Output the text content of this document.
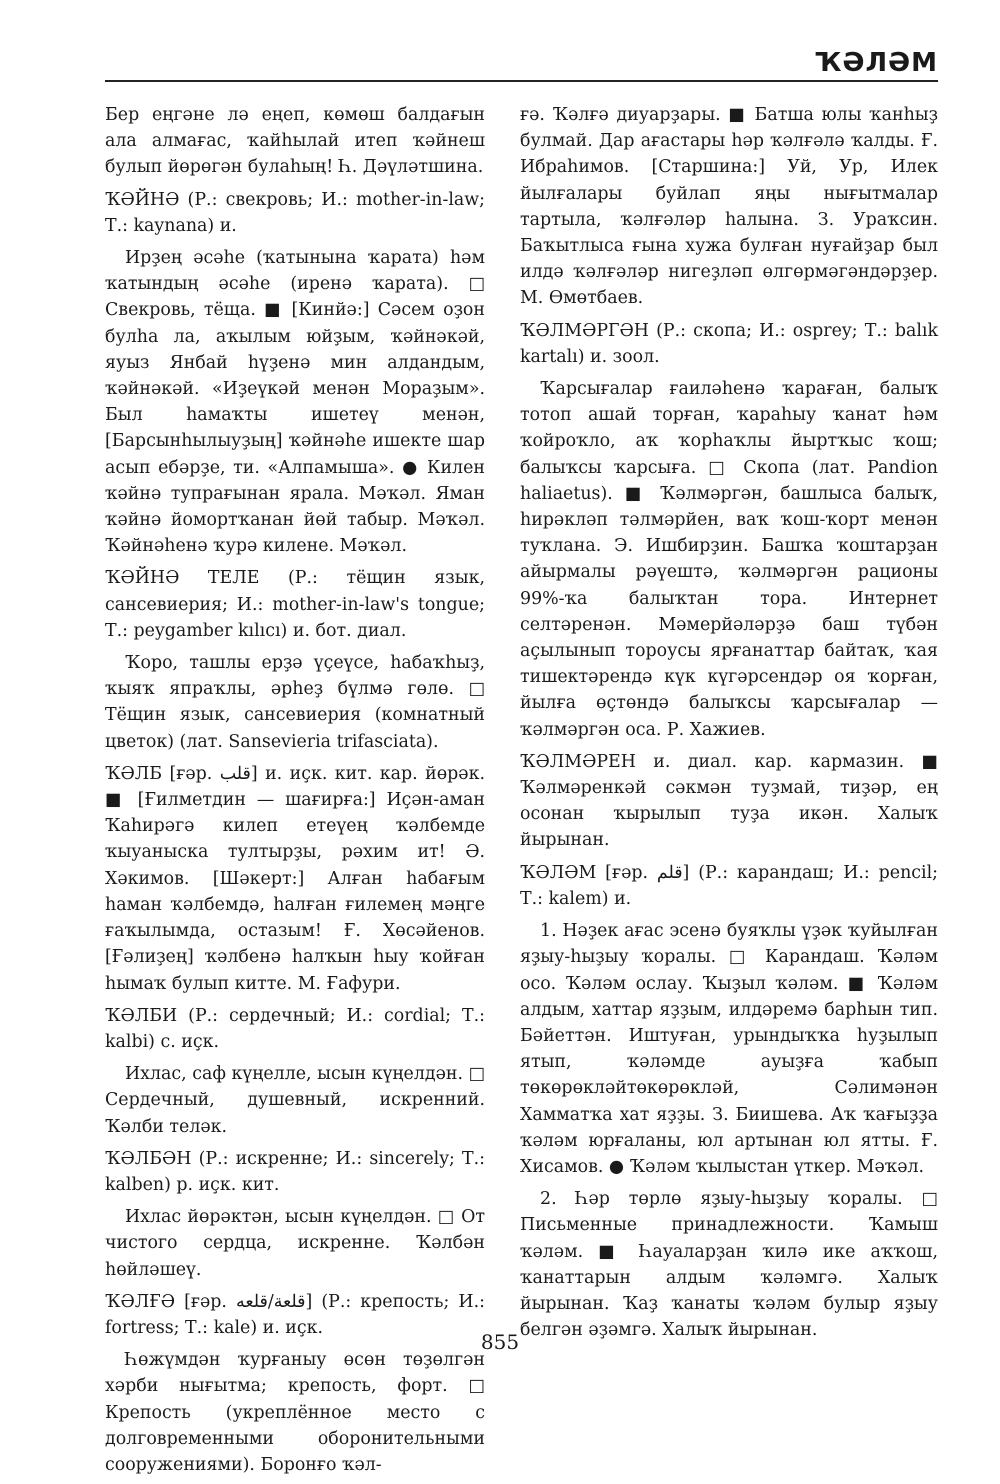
ҠӘЛӘМ

Бер еңгәне лә еңеп, көмөш балдағын ала алмағас, ҡайһылай итеп ҡәйнеш булып йөрөгән булаһың! Һ. Дәүләтшина.

ҠӘЙНӘ (Р.: свекровь; И.: mother-in-law; Т.: kaynana) и.

Ирҙең әсәһе (ҡатынына ҡарата) һәм ҡатындың әсәһе (иренә ҡарата). □ Свекровь, тёща. ■ [Кинйә:] Сәсем оҙон булһа ла, аҡылым юйҙым, ҡәйнәкәй, яуыз Янбай һүҙенә мин алдандым, ҡәйнәкәй. «Иҙеүкәй менән Мораҙым». Был һамаҡты ишетеү менән, [Барсынһылыуҙың] ҡәйнәһе ишекте шар асып ебәрҙе, ти. «Алпамыша». ● Килен ҡәйнә тупрағынан ярала. Мәҡәл. Яман ҡәйнә йомортҡанан йөй табыр. Мәҡәл. Ҡәйнәһенә ҡурә килене. Мәҡәл.

ҠӘЙНӘ ТЕЛЕ (Р.: тёщин язык, сансевиерия; И.: mother-in-law's tongue; Т.: peygamber kılıcı) и. бот. диал.

Ҡоро, ташлы ерҙә үҫеүсе, һабаҡһыҙ, ҡыяҡ япраҡлы, әрһеҙ бүлмә гөлө. □ Тёщин язык, сансевиерия (комнатный цветок) (лат. Sansevieria trifasciata).

ҠӘЛБ [ғәр. قلب] и. иҫк. кит. кар. йөрәк. ■ [Ғилметдин — шағирға:] Иҫән-аман Ҡаһирәгә килеп етеүең ҡәлбемде ҡыуаныска тултырҙы, рәхим ит! Ә. Хәкимов. [Шәкерт:] Алған һабағым һаман ҡәлбемдә, һалған ғилемең мәңге ғаҡылымда, остазым! Ғ. Хөсәйенов. [Ғәлиҙең] ҡәлбенә һалҡын һыу ҡойған һымаҡ булып китте. М. Ғафури.

ҠӘЛБИ (Р.: сердечный; И.: cordial; Т.: kalbi) с. иҫк.

Ихлас, саф күңелле, ысын күңелдән. □ Сердечный, душевный, искренний. Ҡәлби теләк.

ҠӘЛБӘН (Р.: искренне; И.: sincerely; Т.: kalben) р. иҫк. кит.

Ихлас йөрәктән, ысын күңелдән. □ От чистого сердца, искренне. Ҡәлбән һөйләшеү.

ҠӘЛҒӘ [ғәр. قلعة/قلعه] (Р.: крепость; И.: fortress; Т.: kale) и. иҫк.

Һөжүмдән ҡурғаныу өсөн төҙөлгән хәрби нығытма; крепость, форт. □ Крепость (укреплённое место с долговременными оборонительными сооружениями). Боронғо ҡәл-

ғә. Ҡәлғә диуарҙары. ■ Батша юлы ҡанһыҙ булмай. Дар ағастары һәр ҡәлғәлә ҡалды. Ғ. Ибраһимов. [Старшина:] Уй, Ур, Илек йылғалары буйлап яңы нығытмалар тартыла, ҡәлғәләр һалына. З. Ураҡсин. Баҡытлыса ғына хужа булған нуғайҙар был илдә ҡәлғәләр нигеҙләп өлгөрмәгәндәрҙер. М. Өмөтбаев.

ҠӘЛМӘРГӘН (Р.: скопа; И.: osprey; Т.: balık kartalı) и. зоол.

Ҡарсығалар ғаиләһенә ҡараған, балыҡ тотоп ашай торған, ҡараһыу ҡанат һәм ҡойроҡло, аҡ ҡорһаҡлы йыртҡыс ҡош; балыҡсы ҡарсыға. □ Скопа (лат. Pandion haliaetus). ■ Ҡәлмәргән, башлыса балыҡ, һирәкләп тәлмәрйен, ваҡ ҡош-ҡорт менән туҡлана. Э. Ишбирҙин. Башҡа ҡоштарҙан айырмалы рәүештә, ҡәлмәргән рационы 99%-ҡа балыҡтан тора. Интернет селтәренән. Мәмерйәләрҙә баш түбән аҫылынып тороусы ярғанаттар байтаҡ, ҡая тишектәрендә күк күгәрсендәр оя ҡорған, йылға өҫтөндә балыҡсы ҡарсығалар — ҡәлмәргән оса. Р. Хажиев.

ҠӘЛМӘРЕН и. диал. кар. кармазин. ■ Ҡәлмәренкәй сәкмән туҙмай, тиҙәр, ең осонан ҡырылып туҙа икән. Халыҡ йырынан.

ҠӘЛӘМ [ғәр. قلم] (Р.: карандаш; И.: pencil; Т.: kalem) и.

1. Нәҙек ағас эсенә буяҡлы үҙәк ҡуйылған яҙыу-һыҙыу ҡоралы. □ Карандаш. Ҡәләм осо. Ҡәләм ослау. Ҡыҙыл ҡәләм. ■ Ҡәләм алдым, хаттар яҙҙым, илдәремә барһын тип. Бәйеттән. Иштуған, урындыҡҡа һуҙылып ятып, ҡәләмде ауыҙға ҡабып төкөрөкләйтөкөрөкләй, Сәлимәнән Хамматҡа хат яҙҙы. З. Биишева. Аҡ ҡағыҙҙа ҡәләм юрғаланы, юл артынан юл ятты. Ғ. Хисамов. ● Ҡәләм ҡылыстан үткер. Мәҡәл.

2. Һәр төрлө яҙыу-һыҙыу ҡоралы. □ Письменные принадлежности. Ҡамыш ҡәләм. ■ Һауаларҙан ҡилә ике аҡҡош, ҡанаттарын алдым ҡәләмгә. Халыҡ йырынан. Ҡаҙ ҡанаты ҡәләм булыр яҙыу белгән әҙәмгә. Халыҡ йырынан.

855
